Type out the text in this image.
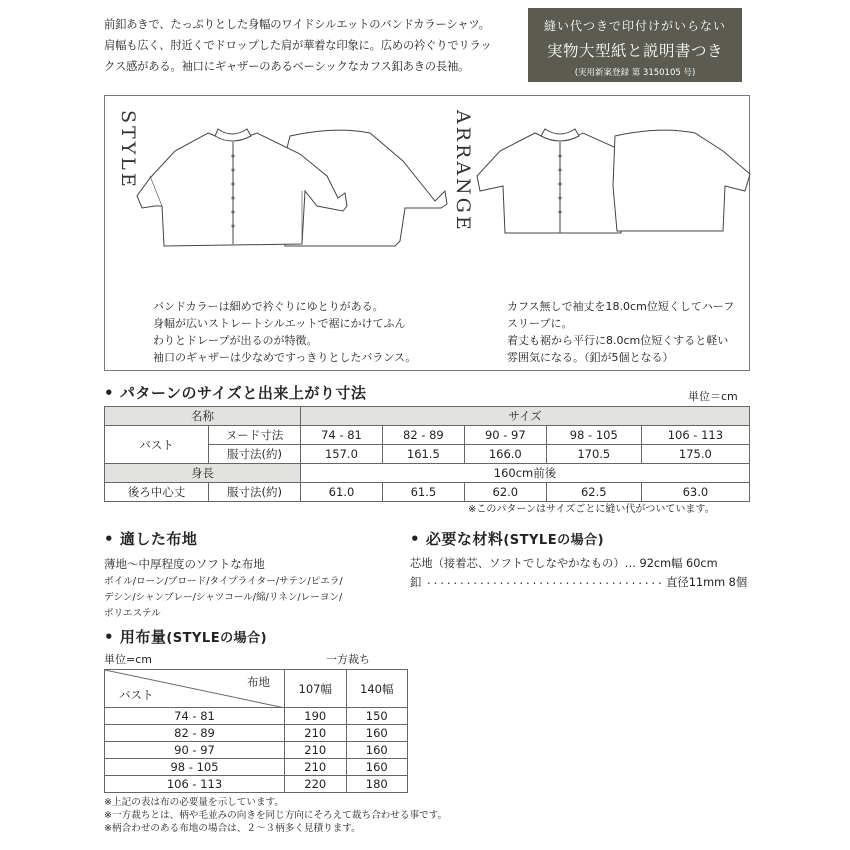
前釦あきで、たっぷりとした身幅のワイドシルエットのバンドカラーシャツ。
肩幅も広く、肘近くでドロップした肩が華着な印象に。広めの衿ぐりでリラッ
クス感がある。袖口にギャザーのあるベーシックなカフス釦あきの長袖。
縫い代つきで印付けがいらない
実物大型紙と説明書つき
(実用新案登録 第 3150105 号)
STYLE	ARRANGE
バンドカラーは細めで衿ぐりにゆとりがある。
身幅が広いストレートシルエットで裾にかけてふん
わりとドレープが出るのが特徴。
袖口のギャザーは少なめですっきりとしたバランス。
カフス無しで袖丈を18.0cm位短くしてハーフ
スリーブに。
着丈も裾から平行に8.0cm位短くすると軽い
雰囲気になる。（釦が5個となる）
• パターンのサイズと出来上がり寸法	単位＝cm
名称		サイズ				
バスト	ヌード寸法	74 - 81	82 - 89	90 - 97	98 - 105	106 - 113
	服寸法(約)	157.0	161.5	166.0	170.5	175.0
身長		160cm前後				
後ろ中心丈	服寸法(約)	61.0	61.5	62.0	62.5	63.0
※このパターンはサイズごとに縫い代がついています。
• 適した布地
薄地〜中厚程度のソフトな布地
ボイル/ローン/ブロード/タイプライター/サテン/ピエラ/
デシン/シャンブレー/シャツコール/綿/リネン/レーヨン/
ポリエステル
• 必要な材料(STYLEの場合)
芯地（接着芯、ソフトでしなやかなもの）… 92cm幅 60cm
釦 ・・・・・・・・・・・・・・・・・・・・・・・・・・・・・・・・・・・・ 直径11mm 8個
• 用布量(STYLEの場合)
単位=cm	一方裁ち
布地
バスト	107幅	140幅
74 - 81	190	150
82 - 89	210	160
90 - 97	210	160
98 - 105	210	160
106 - 113	220	180
※上記の表は布の必要量を示しています。
※一方裁ちとは、柄や毛並みの向きを同じ方向にそろえて裁ち合わせる事です。
※柄合わせのある布地の場合は、２～３柄多く見積ります。
